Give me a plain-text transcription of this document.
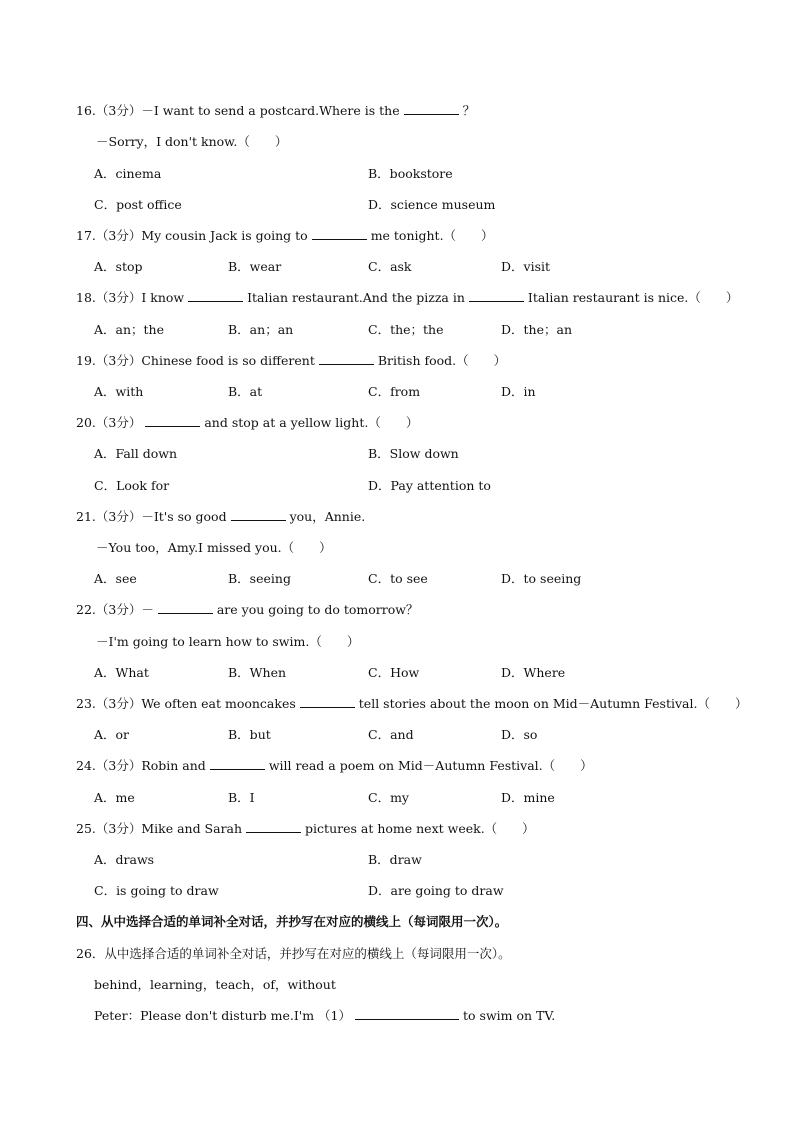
16.（3分）－I want to send a postcard.Where is the	？
－Sorry，I don't know.（　　）
A．cinema	B．bookstore
C．post office	D．science museum
17.（3分）My cousin Jack is going to	me tonight.（　　）
A．stop	B．wear	C．ask	D．visit
18.（3分）I know	Italian restaurant.And the pizza in	Italian restaurant is nice.（　　）
A．an；the	B．an；an	C．the；the	D．the；an
19.（3分）Chinese food is so different	British food.（　　）
A．with	B．at	C．from	D．in
20.（3分）	and stop at a yellow light.（　　）
A．Fall down	B．Slow down
C．Look for	D．Pay attention to
21.（3分）－It's so good	you，Annie.
－You too，Amy.I missed you.（　　）
A．see	B．seeing	C．to see	D．to seeing
22.（3分）－	are you going to do tomorrow？
－I'm going to learn how to swim.（　　）
A．What	B．When	C．How	D．Where
23.（3分）We often eat mooncakes	tell stories about the moon on Mid－Autumn Festival.（　　）
A．or	B．but	C．and	D．so
24.（3分）Robin and	will read a poem on Mid－Autumn Festival.（　　）
A．me	B．I	C．my	D．mine
25.（3分）Mike and Sarah	pictures at home next week.（　　）
A．draws	B．draw
C．is going to draw	D．are going to draw
四、从中选择合适的单词补全对话，并抄写在对应的横线上（每词限用一次）。
26．从中选择合适的单词补全对话，并抄写在对应的横线上（每词限用一次）。
behind，learning，teach，of，without
Peter：Please don't disturb me.I'm （1）	to swim on TV.
